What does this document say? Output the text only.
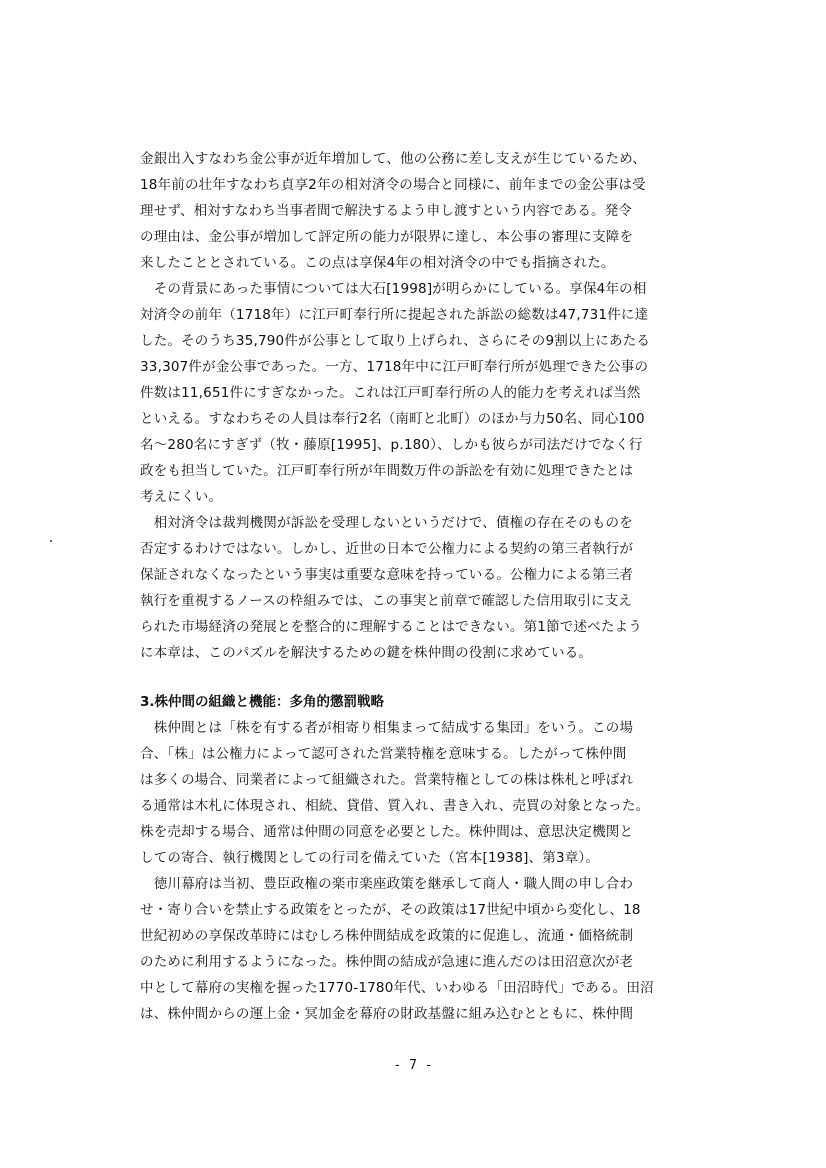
金銀出入すなわち金公事が近年増加して、他の公務に差し支えが生じているため、
18年前の壮年すなわち貞享2年の相対済令の場合と同様に、前年までの金公事は受
理せず、相対すなわち当事者間で解決するよう申し渡すという内容である。発令
の理由は、金公事が増加して評定所の能力が限界に達し、本公事の審理に支障を
来したこととされている。この点は享保4年の相対済令の中でも指摘された。
　その背景にあった事情については大石[1998]が明らかにしている。享保4年の相
対済令の前年（1718年）に江戸町奉行所に提起された訴訟の総数は47,731件に達
した。そのうち35,790件が公事として取り上げられ、さらにその9割以上にあたる
33,307件が金公事であった。一方、1718年中に江戸町奉行所が処理できた公事の
件数は11,651件にすぎなかった。これは江戸町奉行所の人的能力を考えれば当然
といえる。すなわちその人員は奉行2名（南町と北町）のほか与力50名、同心100
名～280名にすぎず（牧・藤原[1995]、p.180）、しかも彼らが司法だけでなく行
政をも担当していた。江戸町奉行所が年間数万件の訴訟を有効に処理できたとは
考えにくい。
　相対済令は裁判機関が訴訟を受理しないというだけで、債権の存在そのものを
否定するわけではない。しかし、近世の日本で公権力による契約の第三者執行が
保証されなくなったという事実は重要な意味を持っている。公権力による第三者
執行を重視するノースの枠組みでは、この事実と前章で確認した信用取引に支え
られた市場経済の発展とを整合的に理解することはできない。第1節で述べたよう
に本章は、このパズルを解決するための鍵を株仲間の役割に求めている。
3.株仲間の組織と機能：多角的懲罰戦略
　株仲間とは「株を有する者が相寄り相集まって結成する集団」をいう。この場
合、「株」は公権力によって認可された営業特権を意味する。したがって株仲間
は多くの場合、同業者によって組織された。営業特権としての株は株札と呼ばれ
る通常は木札に体現され、相続、貸借、質入れ、書き入れ、売買の対象となった。
株を売却する場合、通常は仲間の同意を必要とした。株仲間は、意思決定機関と
しての寄合、執行機関としての行司を備えていた（宮本[1938]、第3章）。
　徳川幕府は当初、豊臣政権の楽市楽座政策を継承して商人・職人間の申し合わ
せ・寄り合いを禁止する政策をとったが、その政策は17世紀中頃から変化し、18
世紀初めの享保改革時にはむしろ株仲間結成を政策的に促進し、流通・価格統制
のために利用するようになった。株仲間の結成が急速に進んだのは田沼意次が老
中として幕府の実権を握った1770-1780年代、いわゆる「田沼時代」である。田沼
は、株仲間からの運上金・冥加金を幕府の財政基盤に組み込むとともに、株仲間
- 7 -
